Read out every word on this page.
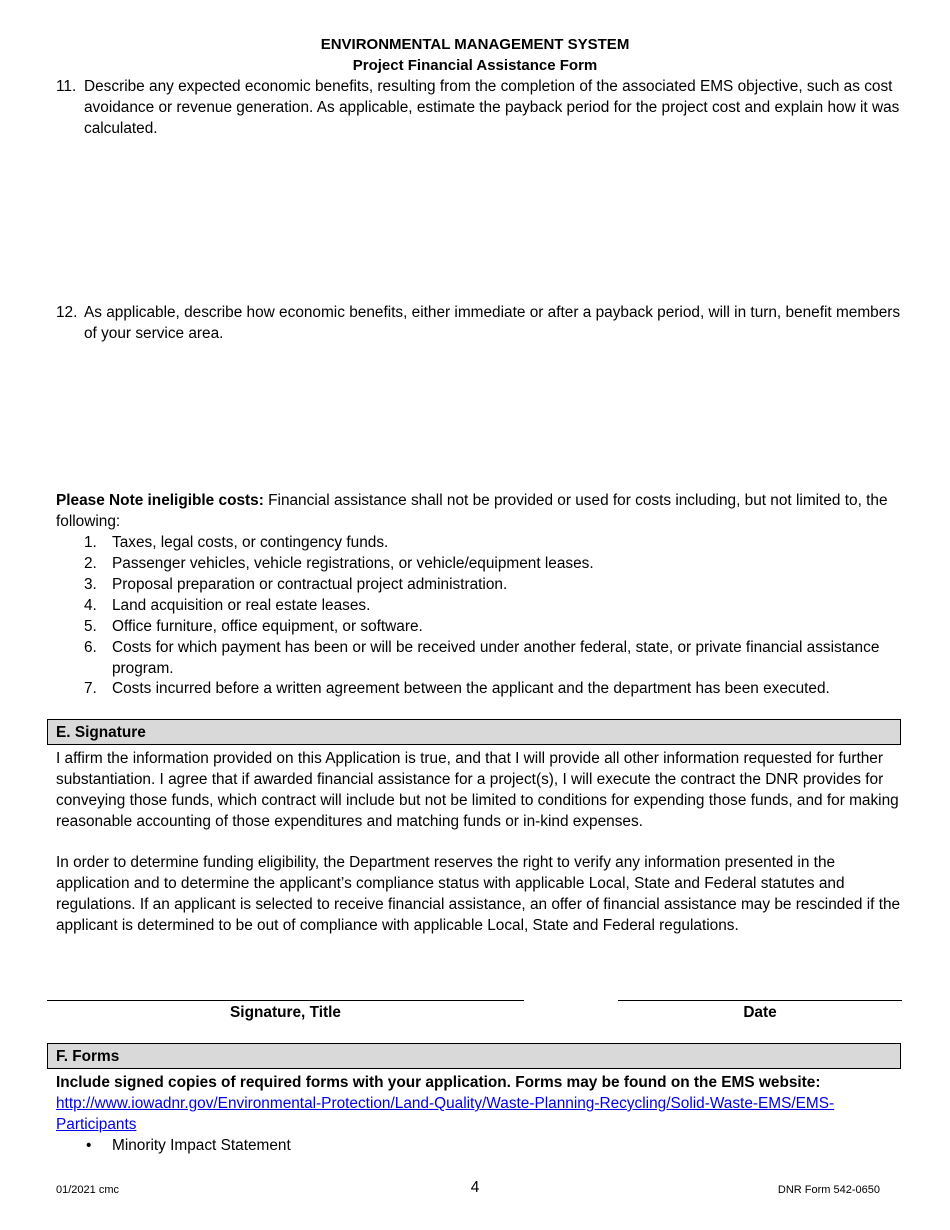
ENVIRONMENTAL MANAGEMENT SYSTEM
Project Financial Assistance Form
11. Describe any expected economic benefits, resulting from the completion of the associated EMS objective, such as cost avoidance or revenue generation. As applicable, estimate the payback period for the project cost and explain how it was calculated.
12. As applicable, describe how economic benefits, either immediate or after a payback period, will in turn, benefit members of your service area.
Please Note ineligible costs: Financial assistance shall not be provided or used for costs including, but not limited to, the following:
1. Taxes, legal costs, or contingency funds.
2. Passenger vehicles, vehicle registrations, or vehicle/equipment leases.
3. Proposal preparation or contractual project administration.
4. Land acquisition or real estate leases.
5. Office furniture, office equipment, or software.
6. Costs for which payment has been or will be received under another federal, state, or private financial assistance program.
7. Costs incurred before a written agreement between the applicant and the department has been executed.
E. Signature
I affirm the information provided on this Application is true, and that I will provide all other information requested for further substantiation. I agree that if awarded financial assistance for a project(s), I will execute the contract the DNR provides for conveying those funds, which contract will include but not be limited to conditions for expending those funds, and for making reasonable accounting of those expenditures and matching funds or in-kind expenses.
In order to determine funding eligibility, the Department reserves the right to verify any information presented in the application and to determine the applicant’s compliance status with applicable Local, State and Federal statutes and regulations. If an applicant is selected to receive financial assistance, an offer of financial assistance may be rescinded if the applicant is determined to be out of compliance with applicable Local, State and Federal regulations.
Signature, Title	Date
F. Forms
Include signed copies of required forms with your application. Forms may be found on the EMS website:
http://www.iowadnr.gov/Environmental-Protection/Land-Quality/Waste-Planning-Recycling/Solid-Waste-EMS/EMS-
Participants
•	Minority Impact Statement
01/2021 cmc	4	DNR Form 542-0650
